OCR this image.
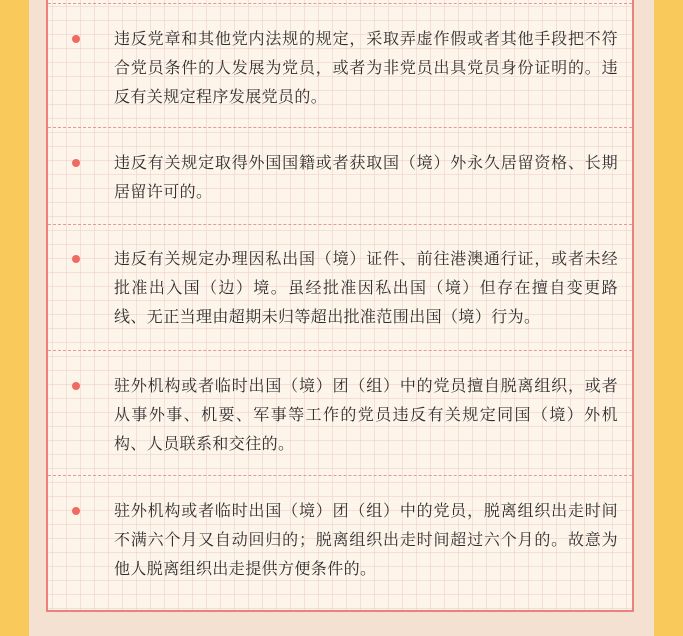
违反党章和其他党内法规的规定，采取弄虚作假或者其他手段把不符合党员条件的人发展为党员，或者为非党员出具党员身份证明的。违反有关规定程序发展党员的。
违反有关规定取得外国国籍或者获取国（境）外永久居留资格、长期居留许可的。
违反有关规定办理因私出国（境）证件、前往港澳通行证，或者未经批准出入国（边）境。虽经批准因私出国（境）但存在擅自变更路线、无正当理由超期未归等超出批准范围出国（境）行为。
驻外机构或者临时出国（境）团（组）中的党员擅自脱离组织，或者从事外事、机要、军事等工作的党员违反有关规定同国（境）外机构、人员联系和交往的。
驻外机构或者临时出国（境）团（组）中的党员，脱离组织出走时间不满六个月又自动回归的；脱离组织出走时间超过六个月的。故意为他人脱离组织出走提供方便条件的。
